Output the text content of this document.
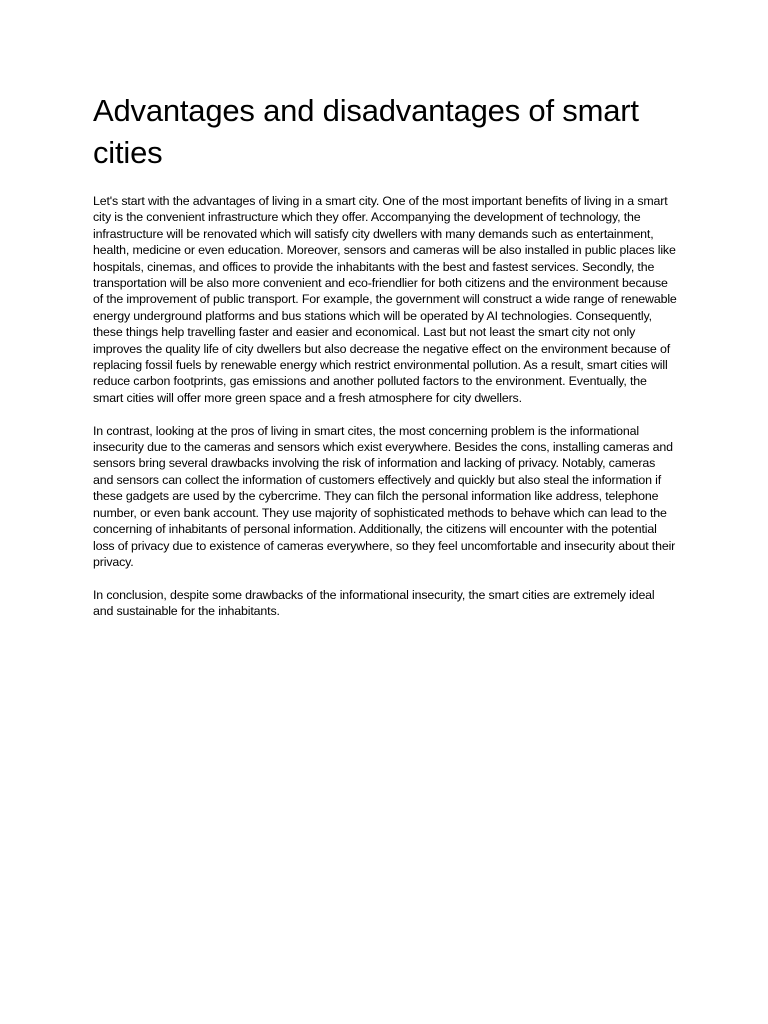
Advantages and disadvantages of smart cities

Let's start with the advantages of living in a smart city. One of the most important benefits of living in a smart city is the convenient infrastructure which they offer. Accompanying the development of technology, the infrastructure will be renovated which will satisfy city dwellers with many demands such as entertainment, health, medicine or even education. Moreover, sensors and cameras will be also installed in public places like hospitals, cinemas, and offices to provide the inhabitants with the best and fastest services. Secondly, the transportation will be also more convenient and eco-friendlier for both citizens and the environment because of the improvement of public transport. For example, the government will construct a wide range of renewable energy underground platforms and bus stations which will be operated by AI technologies. Consequently, these things help travelling faster and easier and economical. Last but not least the smart city not only improves the quality life of city dwellers but also decrease the negative effect on the environment because of replacing fossil fuels by renewable energy which restrict environmental pollution. As a result, smart cities will reduce carbon footprints, gas emissions and another polluted factors to the environment. Eventually, the smart cities will offer more green space and a fresh atmosphere for city dwellers.

In contrast, looking at the pros of living in smart cites, the most concerning problem is the informational insecurity due to the cameras and sensors which exist everywhere. Besides the cons, installing cameras and sensors bring several drawbacks involving the risk of information and lacking of privacy. Notably, cameras and sensors can collect the information of customers effectively and quickly but also steal the information if these gadgets are used by the cybercrime. They can filch the personal information like address, telephone number, or even bank account. They use majority of sophisticated methods to behave which can lead to the concerning of inhabitants of personal information. Additionally, the citizens will encounter with the potential loss of privacy due to existence of cameras everywhere, so they feel uncomfortable and insecurity about their privacy.

In conclusion, despite some drawbacks of the informational insecurity, the smart cities are extremely ideal and sustainable for the inhabitants.
